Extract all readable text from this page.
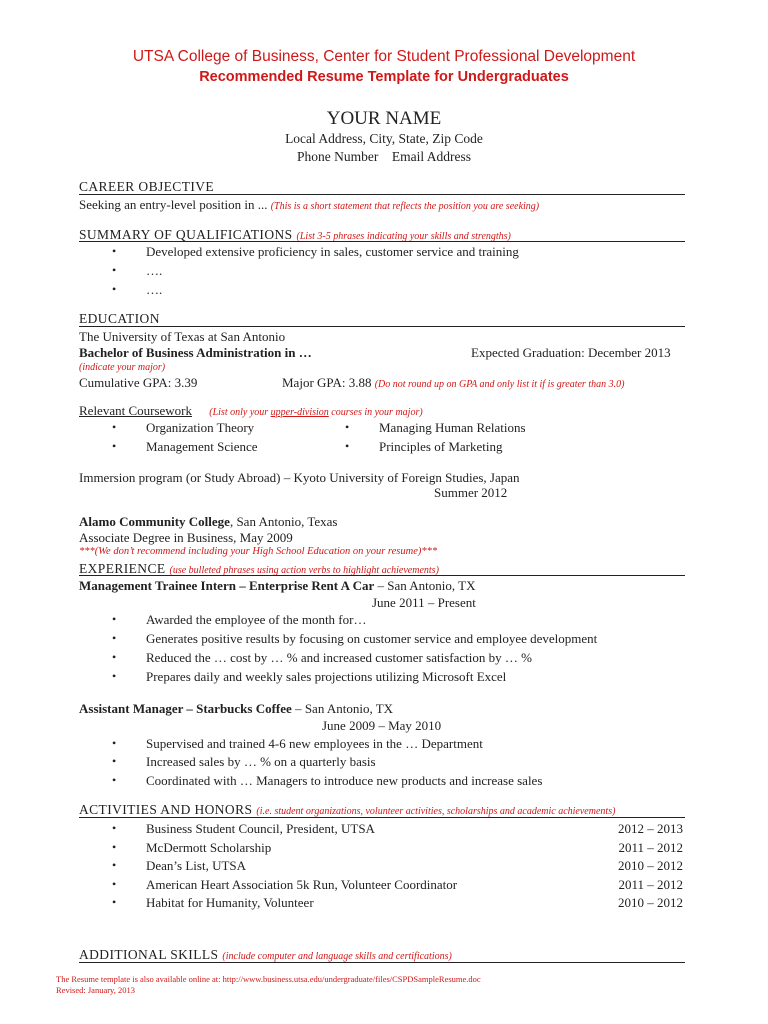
UTSA College of Business, Center for Student Professional Development
Recommended Resume Template for Undergraduates
YOUR NAME
Local Address, City, State, Zip Code
Phone Number    Email Address
CAREER OBJECTIVE
Seeking an entry-level position in ... (This is a short statement that reflects the position you are seeking)
SUMMARY OF QUALIFICATIONS (List 3-5 phrases indicating your skills and strengths)
• Developed extensive proficiency in sales, customer service and training
• ….
• ….
EDUCATION
The University of Texas at San Antonio
Bachelor of Business Administration in …	Expected Graduation: December 2013
(indicate your major)
Cumulative GPA: 3.39	Major GPA: 3.88 (Do not round up on GPA and only list it if is greater than 3.0)
Relevant Coursework (List only your upper-division courses in your major)
• Organization Theory	• Managing Human Relations
• Management Science	• Principles of Marketing
Immersion program (or Study Abroad) – Kyoto University of Foreign Studies, Japan
Summer 2012
Alamo Community College, San Antonio, Texas
Associate Degree in Business, May 2009
***(We don’t recommend including your High School Education on your resume)***
EXPERIENCE (use bulleted phrases using action verbs to highlight achievements)
Management Trainee Intern – Enterprise Rent A Car – San Antonio, TX
June 2011 – Present
• Awarded the employee of the month for…
• Generates positive results by focusing on customer service and employee development
• Reduced the … cost by … % and increased customer satisfaction by … %
• Prepares daily and weekly sales projections utilizing Microsoft Excel
Assistant Manager – Starbucks Coffee – San Antonio, TX
June 2009 – May 2010
• Supervised and trained 4-6 new employees in the … Department
• Increased sales by … % on a quarterly basis
• Coordinated with … Managers to introduce new products and increase sales
ACTIVITIES AND HONORS (i.e. student organizations, volunteer activities, scholarships and academic achievements)
• Business Student Council, President, UTSA	2012 – 2013
• McDermott Scholarship	2011 – 2012
• Dean’s List, UTSA	2010 – 2012
• American Heart Association 5k Run, Volunteer Coordinator	2011 – 2012
• Habitat for Humanity, Volunteer	2010 – 2012
ADDITIONAL SKILLS (include computer and language skills and certifications)
The Resume template is also available online at: http://www.business.utsa.edu/undergraduate/files/CSPDSampleResume.doc
Revised: January, 2013
